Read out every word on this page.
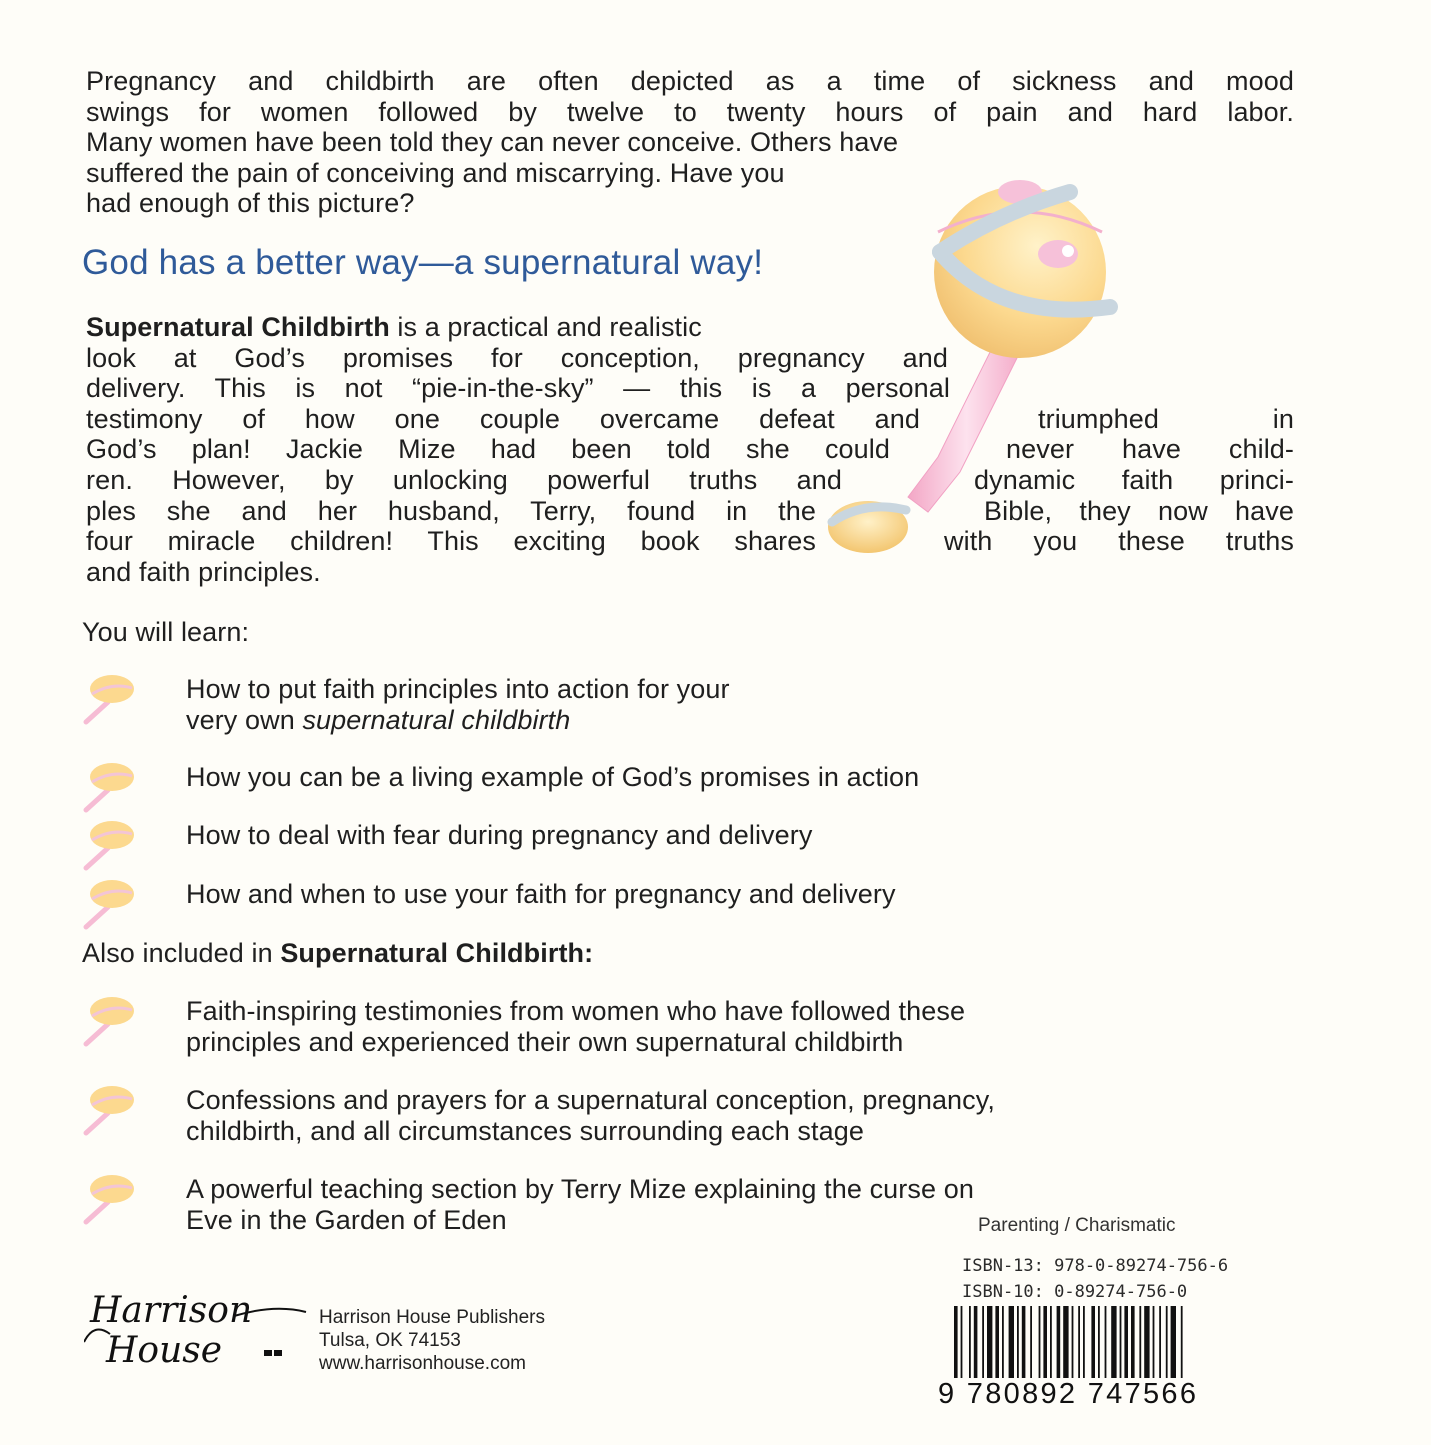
Pregnancy and childbirth are often depicted as a time of sickness and mood
swings for women followed by twelve to twenty hours of pain and hard labor.
Many women have been told they can never conceive. Others have
suffered the pain of conceiving and miscarrying. Have you
had enough of this picture?
God has a better way—a supernatural way!
Supernatural Childbirth is a practical and realistic
look at God’s promises for conception, pregnancy and
delivery. This is not “pie-in-the-sky” — this is a personal
testimony of how one couple overcame defeat and	triumphed in
God’s plan! Jackie Mize had been told she could	never have child-
ren. However, by unlocking powerful truths and	dynamic faith princi-
ples she and her husband, Terry, found in the	Bible, they now have
four miracle children! This exciting book shares	with you these truths
and faith principles.
You will learn:
How to put faith principles into action for your
very own supernatural childbirth
How you can be a living example of God’s promises in action
How to deal with fear during pregnancy and delivery
How and when to use your faith for pregnancy and delivery
Also included in Supernatural Childbirth:
Faith-inspiring testimonies from women who have followed these
principles and experienced their own supernatural childbirth
Confessions and prayers for a supernatural conception, pregnancy,
childbirth, and all circumstances surrounding each stage
A powerful teaching section by Terry Mize explaining the curse on
Eve in the Garden of Eden	Parenting / Charismatic
ISBN-13: 978-0-89274-756-6
ISBN-10: 0-89274-756-0
9 780892 747566
Harrison
House
Harrison House Publishers
Tulsa, OK 74153
www.harrisonhouse.com
